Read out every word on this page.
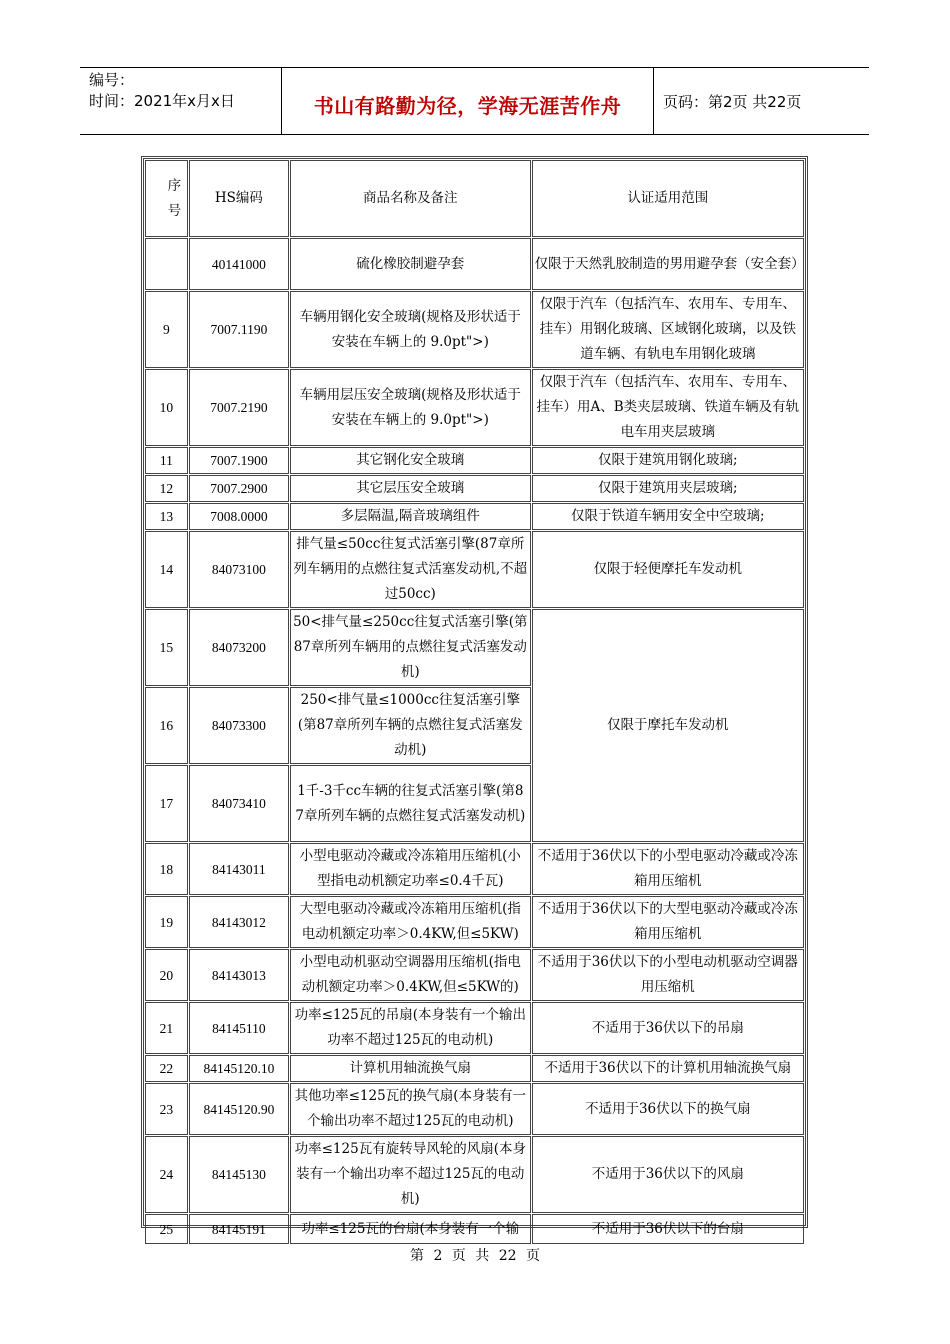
编号：
时间：2021年x月x日	书山有路勤为径，学海无涯苦作舟	页码：第2页 共22页
序号	HS编码	商品名称及备注	认证适用范围
	40141000	硫化橡胶制避孕套	仅限于天然乳胶制造的男用避孕套（安全套）
9	7007.1190	车辆用钢化安全玻璃(规格及形状适于安装在车辆上的 9.0pt">)	仅限于汽车（包括汽车、农用车、专用车、挂车）用钢化玻璃、区域钢化玻璃，以及铁道车辆、有轨电车用钢化玻璃
10	7007.2190	车辆用层压安全玻璃(规格及形状适于安装在车辆上的 9.0pt">)	仅限于汽车（包括汽车、农用车、专用车、挂车）用A、B类夹层玻璃、铁道车辆及有轨电车用夹层玻璃
11	7007.1900	其它钢化安全玻璃	仅限于建筑用钢化玻璃;
12	7007.2900	其它层压安全玻璃	仅限于建筑用夹层玻璃;
13	7008.0000	多层隔温,隔音玻璃组件	仅限于铁道车辆用安全中空玻璃;
14	84073100	排气量≤50cc往复式活塞引擎(87章所列车辆用的点燃往复式活塞发动机,不超过50cc)	仅限于轻便摩托车发动机
15	84073200	50<排气量≤250cc往复式活塞引擎(第87章所列车辆用的点燃往复式活塞发动机)	仅限于摩托车发动机
16	84073300	250<排气量≤1000cc往复活塞引擎(第87章所列车辆的点燃往复式活塞发动机)	
17	84073410	1千-3千cc车辆的往复式活塞引擎(第87章所列车辆的点燃往复式活塞发动机)	
18	84143011	小型电驱动冷藏或冷冻箱用压缩机(小型指电动机额定功率≤0.4千瓦)	不适用于36伏以下的小型电驱动冷藏或冷冻箱用压缩机
19	84143012	大型电驱动冷藏或冷冻箱用压缩机(指电动机额定功率＞0.4KW,但≤5KW)	不适用于36伏以下的大型电驱动冷藏或冷冻箱用压缩机
20	84143013	小型电动机驱动空调器用压缩机(指电动机额定功率＞0.4KW,但≤5KW的)	不适用于36伏以下的小型电动机驱动空调器用压缩机
21	84145110	功率≤125瓦的吊扇(本身装有一个输出功率不超过125瓦的电动机)	不适用于36伏以下的吊扇
22	84145120.10	计算机用轴流换气扇	不适用于36伏以下的计算机用轴流换气扇
23	84145120.90	其他功率≤125瓦的换气扇(本身装有一个输出功率不超过125瓦的电动机)	不适用于36伏以下的换气扇
24	84145130	功率≤125瓦有旋转导风轮的风扇(本身装有一个输出功率不超过125瓦的电动机)	不适用于36伏以下的风扇
25	84145191	功率≤125瓦的台扇(本身装有一个输	不适用于36伏以下的台扇
第 2 页 共 22 页
